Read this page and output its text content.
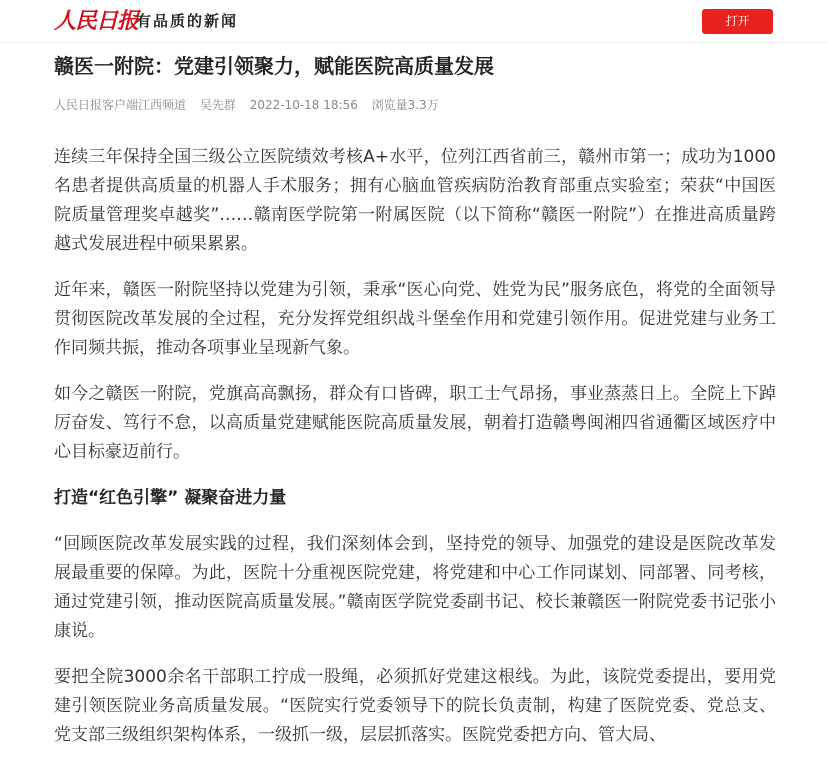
人民日报
有品质的新闻	打开
赣医一附院：党建引领聚力，赋能医院高质量发展
人民日报客户端江西频道 吴先群 2022-10-18 18:56 浏览量3.3万

连续三年保持全国三级公立医院绩效考核A+水平，位列江西省前三，赣州市第一；成功为1000名患者提供高质量的机器人手术服务；拥有心脑血管疾病防治教育部重点实验室；荣获“中国医院质量管理奖卓越奖”……赣南医学院第一附属医院（以下简称“赣医一附院”）在推进高质量跨越式发展进程中硕果累累。

近年来，赣医一附院坚持以党建为引领，秉承“医心向党、姓党为民”服务底色，将党的全面领导贯彻医院改革发展的全过程，充分发挥党组织战斗堡垒作用和党建引领作用。促进党建与业务工作同频共振，推动各项事业呈现新气象。

如今之赣医一附院，党旗高高飘扬，群众有口皆碑，职工士气昂扬，事业蒸蒸日上。全院上下踔厉奋发、笃行不怠，以高质量党建赋能医院高质量发展，朝着打造赣粤闽湘四省通衢区域医疗中心目标豪迈前行。

打造“红色引擎” 凝聚奋进力量

“回顾医院改革发展实践的过程，我们深刻体会到，坚持党的领导、加强党的建设是医院改革发展最重要的保障。为此，医院十分重视医院党建，将党建和中心工作同谋划、同部署、同考核，通过党建引领，推动医院高质量发展。”赣南医学院党委副书记、校长兼赣医一附院党委书记张小康说。

要把全院3000余名干部职工拧成一股绳，必须抓好党建这根线。为此，该院党委提出，要用党建引领医院业务高质量发展。“医院实行党委领导下的院长负责制，构建了医院党委、党总支、党支部三级组织架构体系，一级抓一级，层层抓落实。医院党委把方向、管大局、
